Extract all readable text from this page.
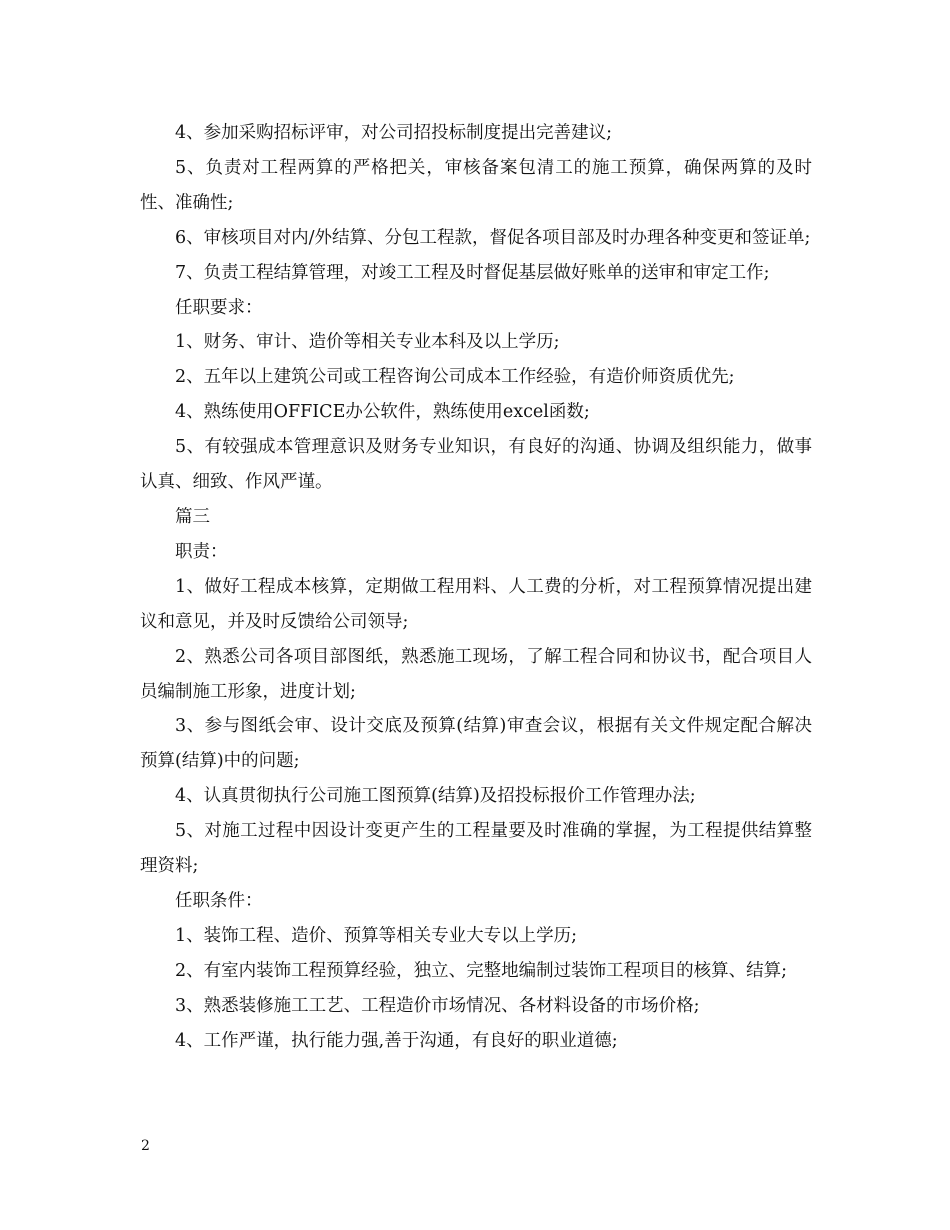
4、参加采购招标评审，对公司招投标制度提出完善建议;

5、负责对工程两算的严格把关，审核备案包清工的施工预算，确保两算的及时性、准确性;

6、审核项目对内/外结算、分包工程款，督促各项目部及时办理各种变更和签证单;

7、负责工程结算管理，对竣工工程及时督促基层做好账单的送审和审定工作;

任职要求：

1、财务、审计、造价等相关专业本科及以上学历;

2、五年以上建筑公司或工程咨询公司成本工作经验，有造价师资质优先;

4、熟练使用OFFICE办公软件，熟练使用excel函数;

5、有较强成本管理意识及财务专业知识，有良好的沟通、协调及组织能力，做事认真、细致、作风严谨。

篇三

职责：

1、做好工程成本核算，定期做工程用料、人工费的分析，对工程预算情况提出建议和意见，并及时反馈给公司领导;

2、熟悉公司各项目部图纸，熟悉施工现场，了解工程合同和协议书，配合项目人员编制施工形象，进度计划;

3、参与图纸会审、设计交底及预算(结算)审查会议，根据有关文件规定配合解决预算(结算)中的问题;

4、认真贯彻执行公司施工图预算(结算)及招投标报价工作管理办法;

5、对施工过程中因设计变更产生的工程量要及时准确的掌握，为工程提供结算整理资料;

任职条件：

1、装饰工程、造价、预算等相关专业大专以上学历;

2、有室内装饰工程预算经验，独立、完整地编制过装饰工程项目的核算、结算;

3、熟悉装修施工工艺、工程造价市场情况、各材料设备的市场价格;

4、工作严谨，执行能力强,善于沟通，有良好的职业道德;

2
